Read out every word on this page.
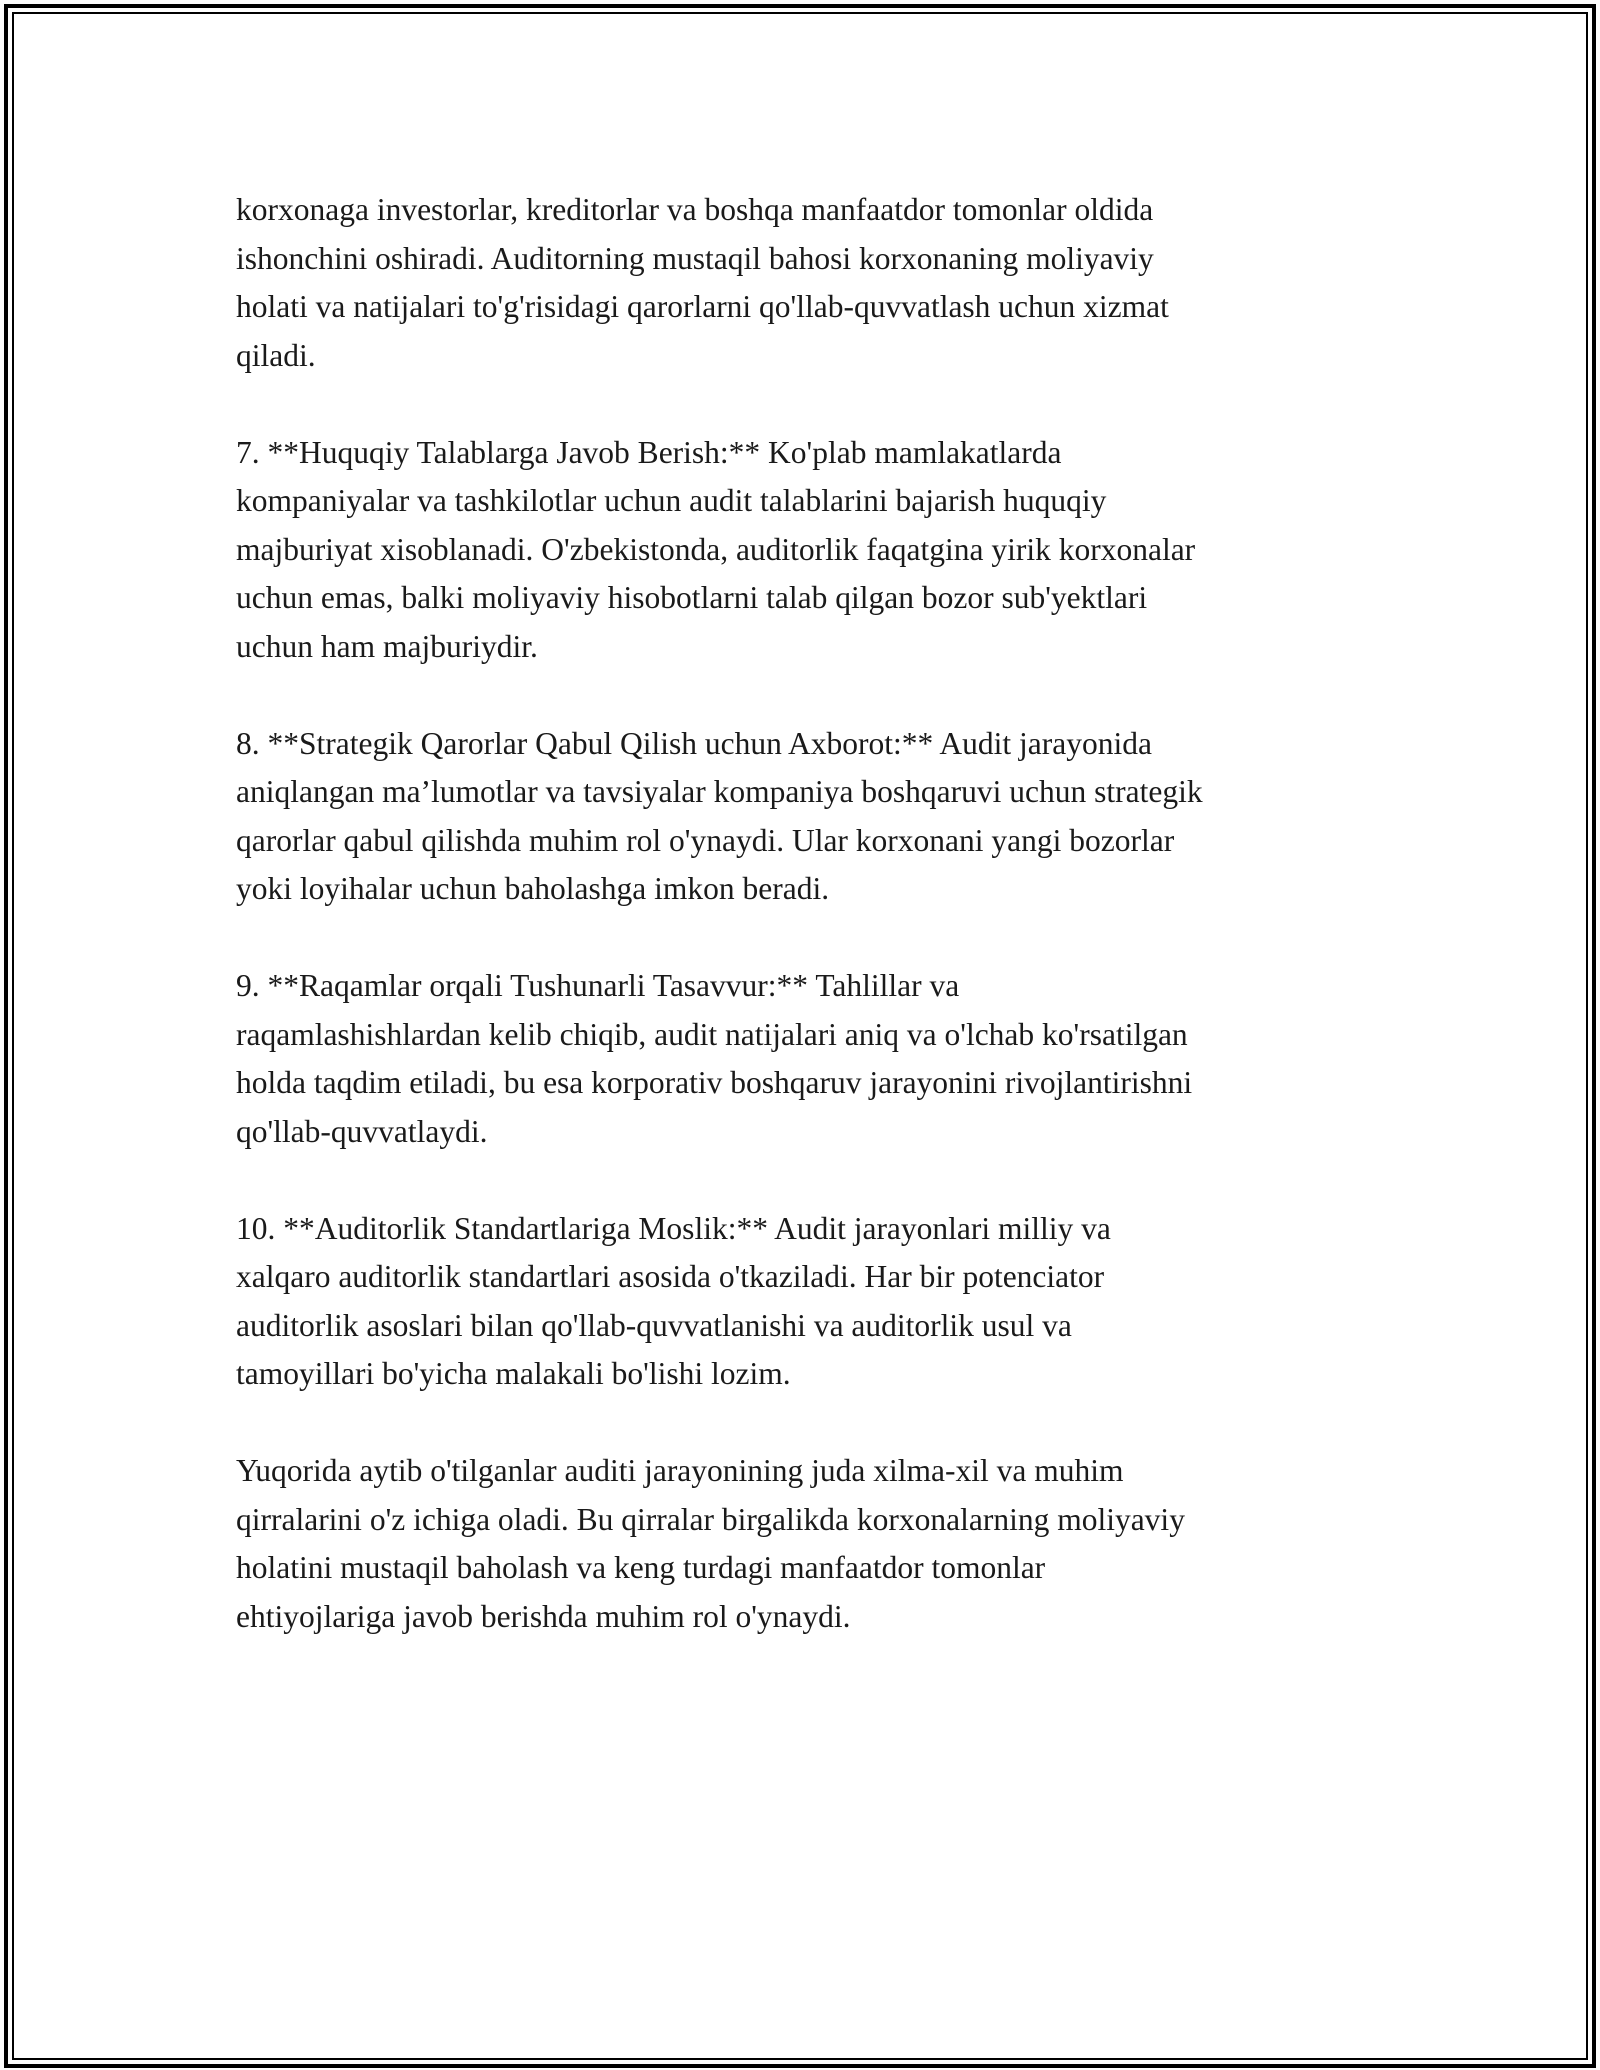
korxonaga investorlar, kreditorlar va boshqa manfaatdor tomonlar oldida
ishonchini oshiradi. Auditorning mustaqil bahosi korxonaning moliyaviy
holati va natijalari to'g'risidagi qarorlarni qo'llab-quvvatlash uchun xizmat
qiladi.

7. **Huquqiy Talablarga Javob Berish:** Ko'plab mamlakatlarda
kompaniyalar va tashkilotlar uchun audit talablarini bajarish huquqiy
majburiyat xisoblanadi. O'zbekistonda, auditorlik faqatgina yirik korxonalar
uchun emas, balki moliyaviy hisobotlarni talab qilgan bozor sub'yektlari
uchun ham majburiydir.

8. **Strategik Qarorlar Qabul Qilish uchun Axborot:** Audit jarayonida
aniqlangan ma’lumotlar va tavsiyalar kompaniya boshqaruvi uchun strategik
qarorlar qabul qilishda muhim rol o'ynaydi. Ular korxonani yangi bozorlar
yoki loyihalar uchun baholashga imkon beradi.

9. **Raqamlar orqali Tushunarli Tasavvur:** Tahlillar va
raqamlashishlardan kelib chiqib, audit natijalari aniq va o'lchab ko'rsatilgan
holda taqdim etiladi, bu esa korporativ boshqaruv jarayonini rivojlantirishni
qo'llab-quvvatlaydi.

10. **Auditorlik Standartlariga Moslik:** Audit jarayonlari milliy va
xalqaro auditorlik standartlari asosida o'tkaziladi. Har bir potenciator
auditorlik asoslari bilan qo'llab-quvvatlanishi va auditorlik usul va
tamoyillari bo'yicha malakali bo'lishi lozim.

Yuqorida aytib o'tilganlar auditi jarayonining juda xilma-xil va muhim
qirralarini o'z ichiga oladi. Bu qirralar birgalikda korxonalarning moliyaviy
holatini mustaqil baholash va keng turdagi manfaatdor tomonlar
ehtiyojlariga javob berishda muhim rol o'ynaydi.
